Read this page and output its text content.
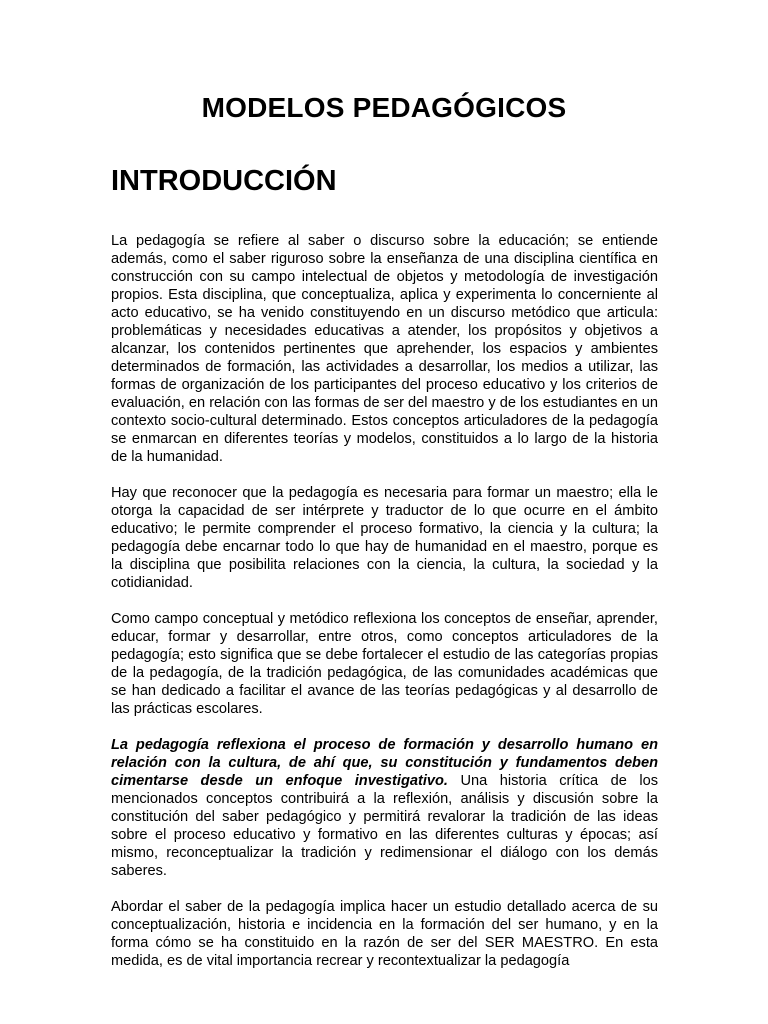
MODELOS PEDAGÓGICOS
INTRODUCCIÓN

La pedagogía se refiere al saber o discurso sobre la educación; se entiende además, como el saber riguroso sobre la enseñanza de una disciplina científica en construcción con su campo intelectual de objetos y metodología de investigación propios. Esta disciplina, que conceptualiza, aplica y experimenta lo concerniente al acto educativo, se ha venido constituyendo en un discurso metódico que articula: problemáticas y necesidades educativas a atender, los propósitos y objetivos a alcanzar, los contenidos pertinentes que aprehender, los espacios y ambientes determinados de formación, las actividades a desarrollar, los medios a utilizar, las formas de organización de los participantes del proceso educativo y los criterios de evaluación, en relación con las formas de ser del maestro y de los estudiantes en un contexto socio-cultural determinado. Estos conceptos articuladores de la pedagogía se enmarcan en diferentes teorías y modelos, constituidos a lo largo de la historia de la humanidad.

Hay que reconocer que la pedagogía es necesaria para formar un maestro; ella le otorga la capacidad de ser intérprete y traductor de lo que ocurre en el ámbito educativo; le permite comprender el proceso formativo, la ciencia y la cultura; la pedagogía debe encarnar todo lo que hay de humanidad en el maestro, porque es la disciplina que posibilita relaciones con la ciencia, la cultura, la sociedad y la cotidianidad.

Como campo conceptual y metódico reflexiona los conceptos de enseñar, aprender, educar, formar y desarrollar, entre otros, como conceptos articuladores de la pedagogía; esto significa que se debe fortalecer el estudio de las categorías propias de la pedagogía, de la tradición pedagógica, de las comunidades académicas que se han dedicado a facilitar el avance de las teorías pedagógicas y al desarrollo de las prácticas escolares.

La pedagogía reflexiona el proceso de formación y desarrollo humano en relación con la cultura, de ahí que, su constitución y fundamentos deben cimentarse desde un enfoque investigativo. Una historia crítica de los mencionados conceptos contribuirá a la reflexión, análisis y discusión sobre la constitución del saber pedagógico y permitirá revalorar la tradición de las ideas sobre el proceso educativo y formativo en las diferentes culturas y épocas; así mismo, reconceptualizar la tradición y redimensionar el diálogo con los demás saberes.

Abordar el saber de la pedagogía implica hacer un estudio detallado acerca de su conceptualización, historia e incidencia en la formación del ser humano, y en la forma cómo se ha constituido en la razón de ser del SER MAESTRO. En esta medida, es de vital importancia recrear y recontextualizar la pedagogía
